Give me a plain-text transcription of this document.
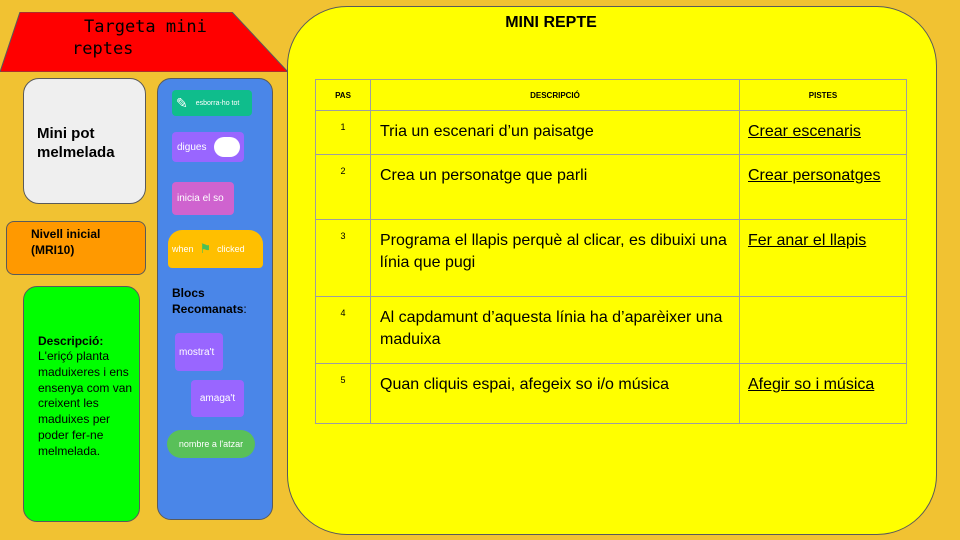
Targeta mini
reptes
Mini pot melmelada
Nivell inicial (MRI10)
Descripció:
L'eriçó planta maduixeres i ens ensenya com van creixent les maduixes per poder fer-ne melmelada.
✎ esborra-ho tot
digues
inicia el so
when ⚑ clicked
Blocs Recomanats:
mostra't
amaga't
nombre a l'atzar
MINI REPTE
PAS	DESCRIPCIÓ	PISTES
1	Tria un escenari d’un paisatge	Crear escenaris
2	Crea un personatge que parli	Crear personatges
3	Programa el llapis perquè al clicar, es dibuixi una línia que pugi	Fer anar el llapis
4	Al capdamunt d’aquesta línia ha d’aparèixer una maduixa	
5	Quan cliquis espai, afegeix so i/o música	Afegir so i música
